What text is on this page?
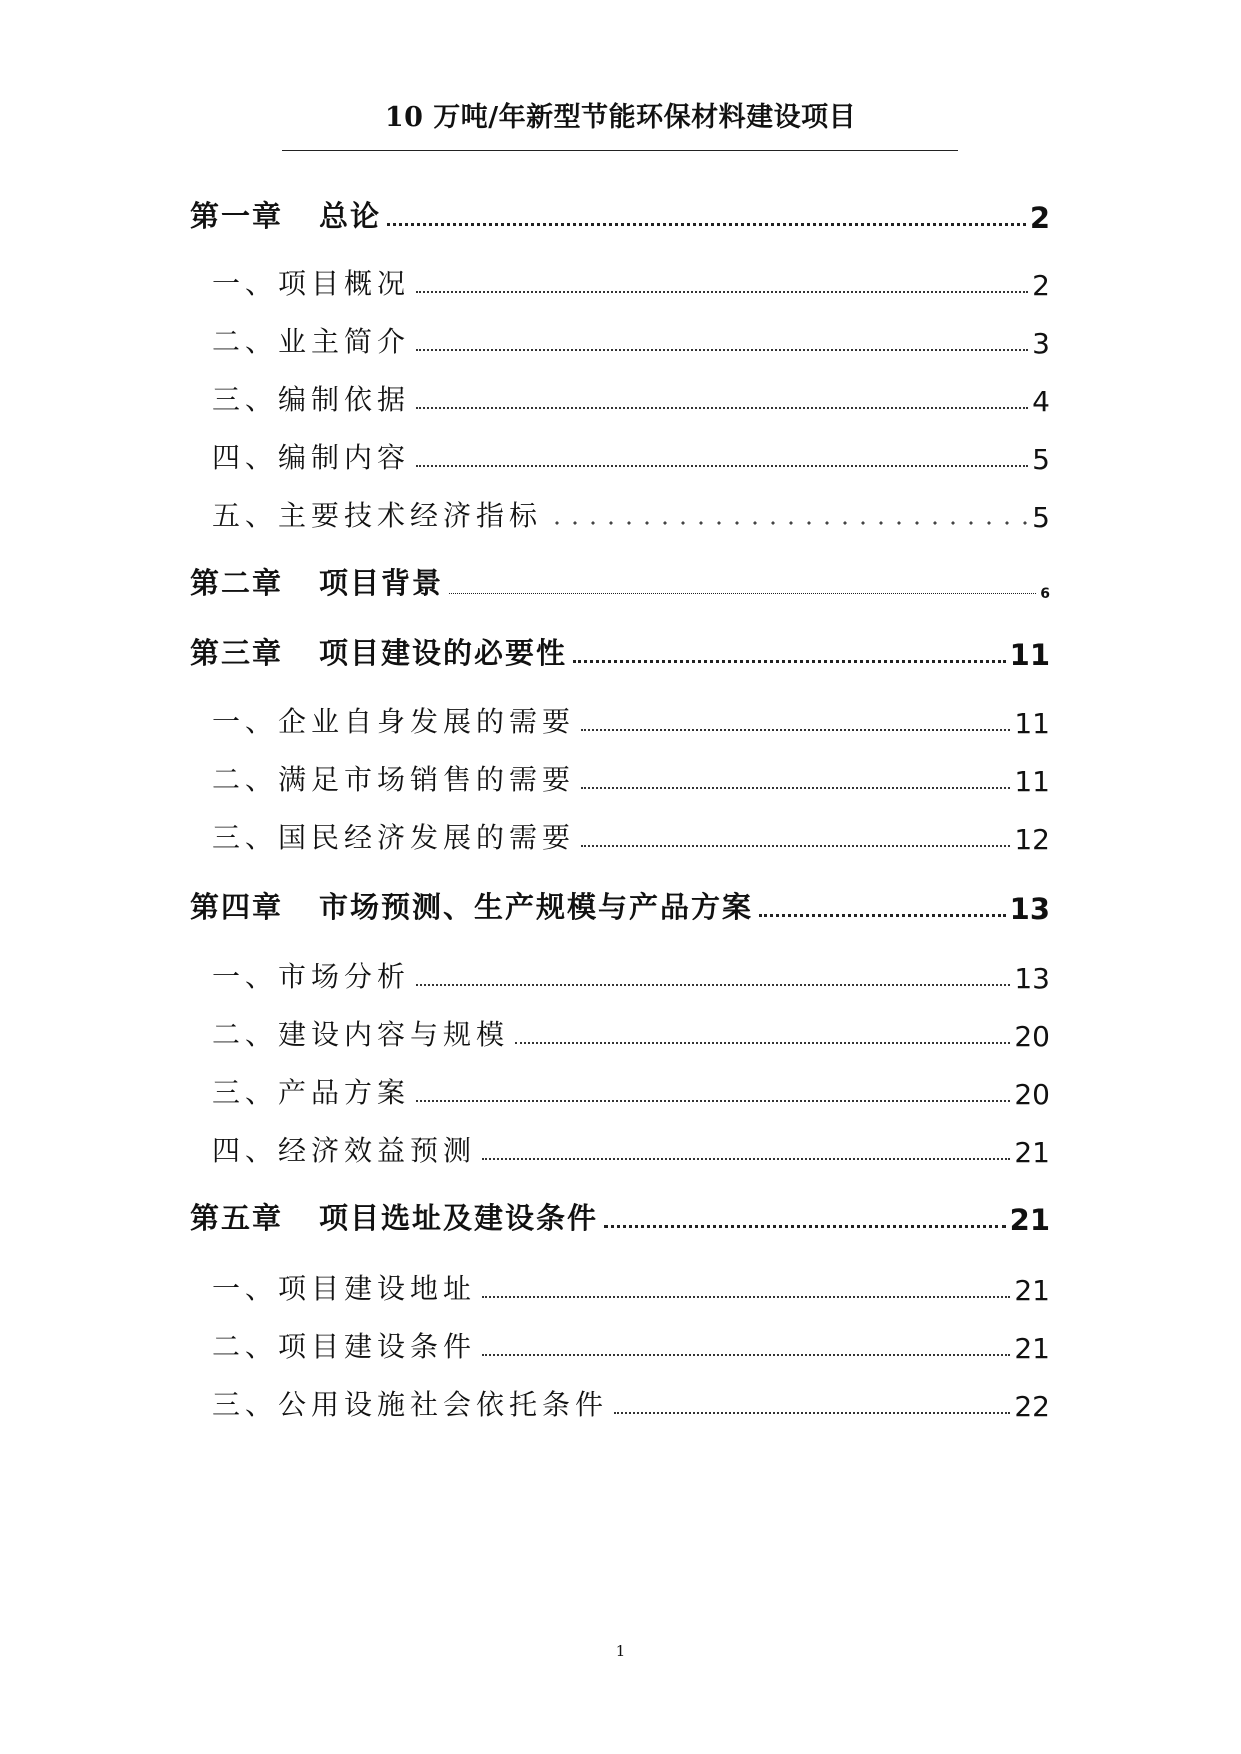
10 万吨/年新型节能环保材料建设项目
第一章 总论	2
一、项目概况	2
二、业主简介	3
三、编制依据	4
四、编制内容	5
五、主要技术经济指标	5
第二章 项目背景	6
第三章 项目建设的必要性	11
一、企业自身发展的需要	11
二、满足市场销售的需要	11
三、国民经济发展的需要	12
第四章 市场预测、生产规模与产品方案	13
一、市场分析	13
二、建设内容与规模	20
三、产品方案	20
四、经济效益预测	21
第五章 项目选址及建设条件	21
一、项目建设地址	21
二、项目建设条件	21
三、公用设施社会依托条件	22
1
